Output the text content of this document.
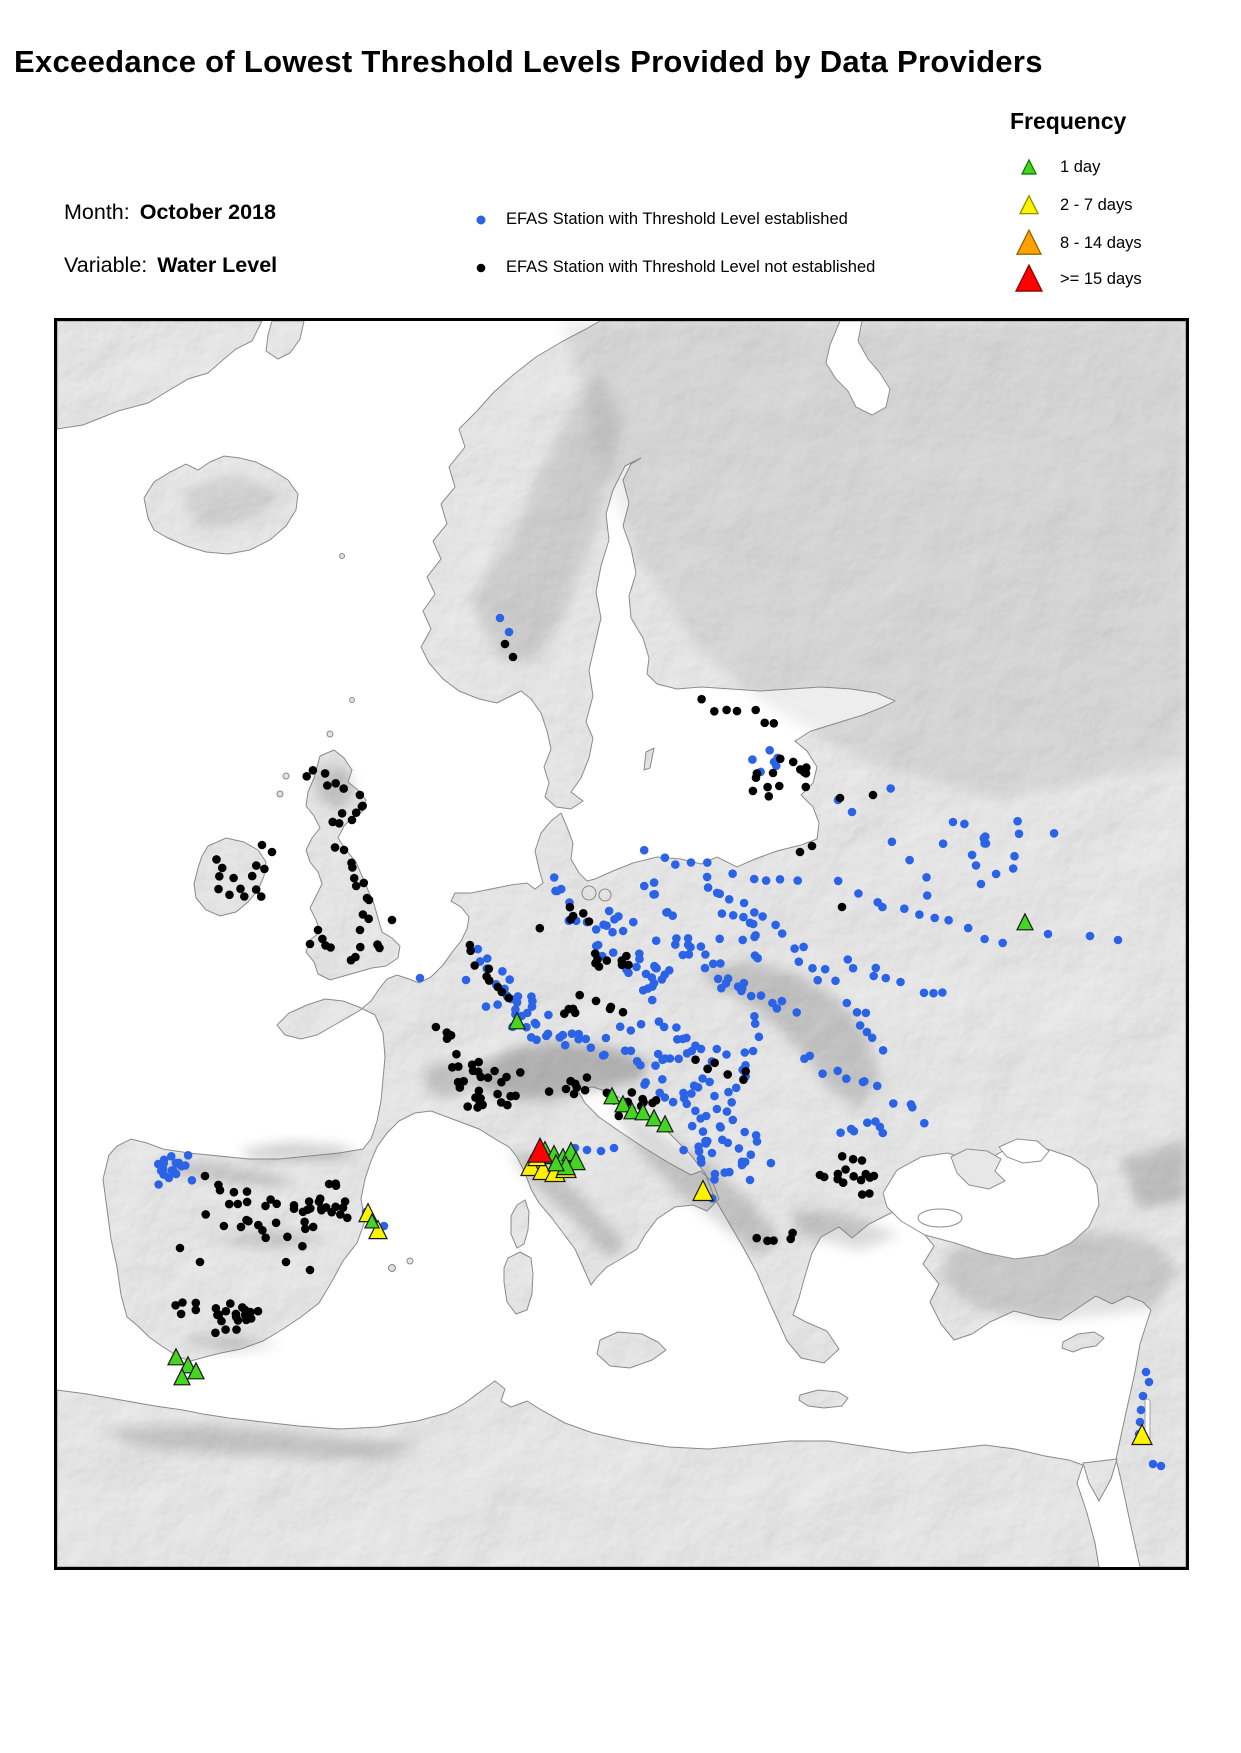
Exceedance of Lowest Threshold Levels Provided by Data Providers
Month: October 2018
Variable: Water Level
EFAS Station with Threshold Level established
EFAS Station with Threshold Level not established
Frequency
1 day
2 - 7 days
8 - 14 days
>= 15 days
